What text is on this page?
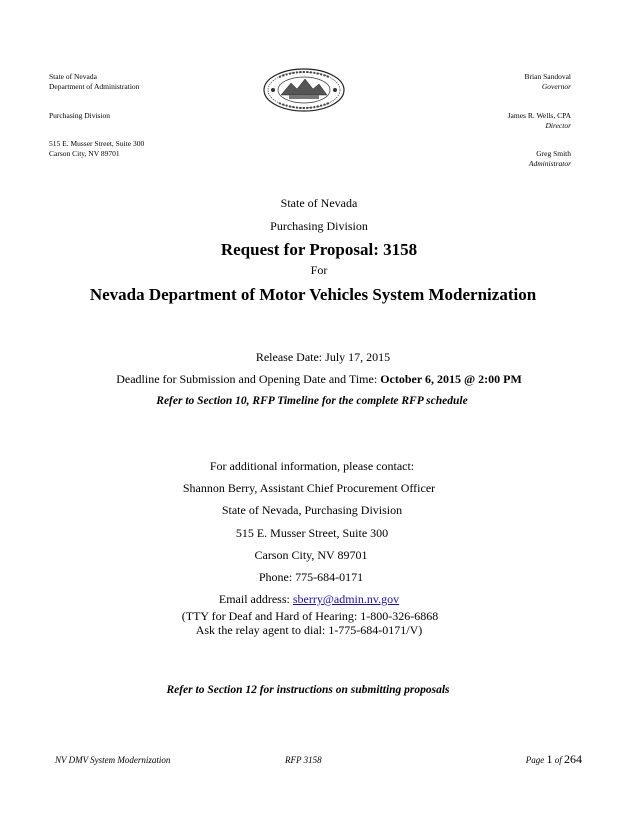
State of Nevada
Department of Administration
Purchasing Division
515 E. Musser Street, Suite 300
Carson City, NV 89701
Brian Sandoval
Governor
James R. Wells, CPA
Director
Greg Smith
Administrator
State of Nevada
Purchasing Division
Request for Proposal: 3158
For
Nevada Department of Motor Vehicles System Modernization
Release Date: July 17, 2015
Deadline for Submission and Opening Date and Time: October 6, 2015 @ 2:00 PM
Refer to Section 10, RFP Timeline for the complete RFP schedule
For additional information, please contact:
Shannon Berry, Assistant Chief Procurement Officer
State of Nevada, Purchasing Division
515 E. Musser Street, Suite 300
Carson City, NV 89701
Phone: 775-684-0171
Email address: sberry@admin.nv.gov
(TTY for Deaf and Hard of Hearing: 1-800-326-6868
Ask the relay agent to dial: 1-775-684-0171/V)
Refer to Section 12 for instructions on submitting proposals
NV DMV System Modernization	RFP 3158	Page 1 of 264
